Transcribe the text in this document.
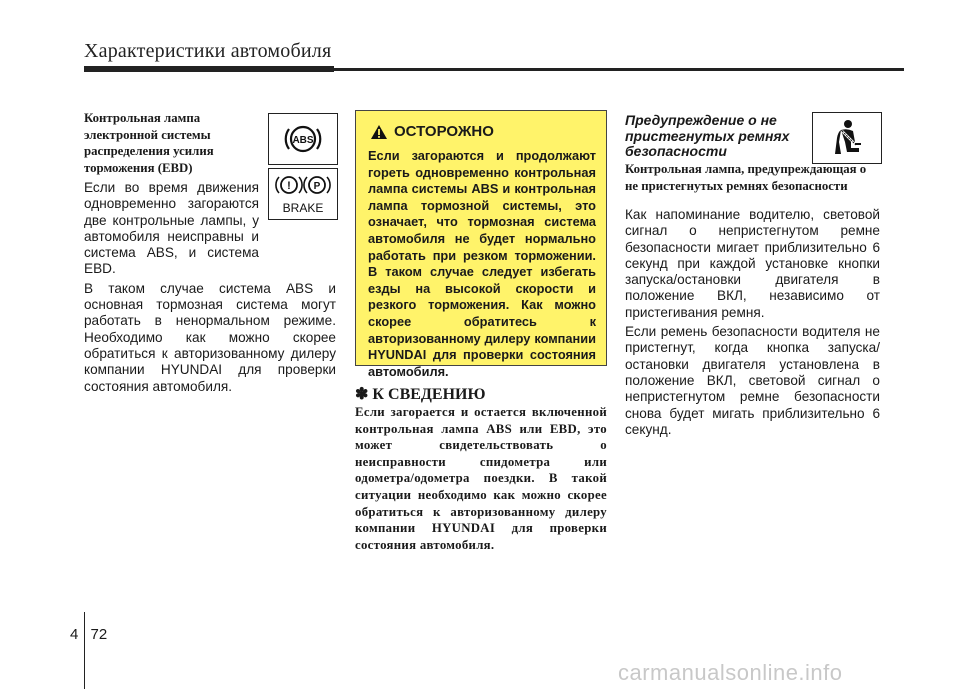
Характеристики автомобиля
Контрольная лампа электронной системы распределения усилия торможения (EBD)

Если во время движения одновременно загораются две контрольные лампы, у автомобиля неисправны и система ABS, и система EBD.

В таком случае система ABS и основная тормозная система могут работать в ненормальном режиме. Необходимо как можно скорее обратиться к авторизованному дилеру компании HYUNDAI для проверки состояния автомобиля.

ABS
! P
BRAKE
ОСТОРОЖНО
Если загораются и продолжают гореть одновременно контрольная лампа системы ABS и контрольная лампа тормозной системы, это означает, что тормозная система автомобиля не будет нормально работать при резком торможении. В таком случае следует избегать езды на высокой скорости и резкого торможения. Как можно скорее обратитесь к авторизованному дилеру компании HYUNDAI для проверки состояния автомобиля.
✽ К СВЕДЕНИЮ
Если загорается и остается включенной контрольная лампа ABS или EBD, это может свидетельствовать о неисправности спидометра или одометра/одометра поездки. В такой ситуации необходимо как можно скорее обратиться к авторизованному дилеру компании HYUNDAI для проверки состояния автомобиля.
Предупреждение о не пристегнутых ремнях безопасности
Контрольная лампа, предупреждающая о не пристегнутых ремнях безопасности

Как напоминание водителю, световой сигнал о непристегнутом ремне безопасности мигает приблизительно 6 секунд при каждой установке кнопки запуска/остановки двигателя в положение ВКЛ, независимо от пристегивания ремня.

Если ремень безопасности водителя не пристегнут, когда кнопка запуска/остановки двигателя установлена в положение ВКЛ, световой сигнал о непристегнутом ремне безопасности снова будет мигать приблизительно 6 секунд.

4 72
carmanualsonline.info
